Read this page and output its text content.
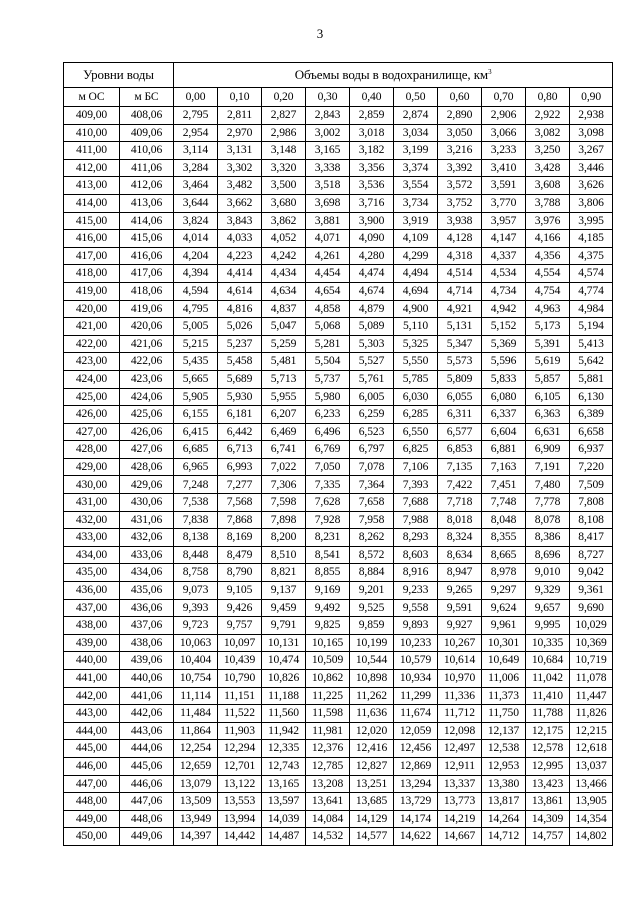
3
Уровни воды		Объемы воды в водохранилище, $км^3$
м ОС	м БС	0,00	0,10	0,20	0,30	0,40	0,50	0,60	0,70	0,80	0,90
409,00	408,06	2,795	2,811	2,827	2,843	2,859	2,874	2,890	2,906	2,922	2,938
410,00	409,06	2,954	2,970	2,986	3,002	3,018	3,034	3,050	3,066	3,082	3,098
411,00	410,06	3,114	3,131	3,148	3,165	3,182	3,199	3,216	3,233	3,250	3,267
412,00	411,06	3,284	3,302	3,320	3,338	3,356	3,374	3,392	3,410	3,428	3,446
413,00	412,06	3,464	3,482	3,500	3,518	3,536	3,554	3,572	3,591	3,608	3,626
414,00	413,06	3,644	3,662	3,680	3,698	3,716	3,734	3,752	3,770	3,788	3,806
415,00	414,06	3,824	3,843	3,862	3,881	3,900	3,919	3,938	3,957	3,976	3,995
416,00	415,06	4,014	4,033	4,052	4,071	4,090	4,109	4,128	4,147	4,166	4,185
417,00	416,06	4,204	4,223	4,242	4,261	4,280	4,299	4,318	4,337	4,356	4,375
418,00	417,06	4,394	4,414	4,434	4,454	4,474	4,494	4,514	4,534	4,554	4,574
419,00	418,06	4,594	4,614	4,634	4,654	4,674	4,694	4,714	4,734	4,754	4,774
420,00	419,06	4,795	4,816	4,837	4,858	4,879	4,900	4,921	4,942	4,963	4,984
421,00	420,06	5,005	5,026	5,047	5,068	5,089	5,110	5,131	5,152	5,173	5,194
422,00	421,06	5,215	5,237	5,259	5,281	5,303	5,325	5,347	5,369	5,391	5,413
423,00	422,06	5,435	5,458	5,481	5,504	5,527	5,550	5,573	5,596	5,619	5,642
424,00	423,06	5,665	5,689	5,713	5,737	5,761	5,785	5,809	5,833	5,857	5,881
425,00	424,06	5,905	5,930	5,955	5,980	6,005	6,030	6,055	6,080	6,105	6,130
426,00	425,06	6,155	6,181	6,207	6,233	6,259	6,285	6,311	6,337	6,363	6,389
427,00	426,06	6,415	6,442	6,469	6,496	6,523	6,550	6,577	6,604	6,631	6,658
428,00	427,06	6,685	6,713	6,741	6,769	6,797	6,825	6,853	6,881	6,909	6,937
429,00	428,06	6,965	6,993	7,022	7,050	7,078	7,106	7,135	7,163	7,191	7,220
430,00	429,06	7,248	7,277	7,306	7,335	7,364	7,393	7,422	7,451	7,480	7,509
431,00	430,06	7,538	7,568	7,598	7,628	7,658	7,688	7,718	7,748	7,778	7,808
432,00	431,06	7,838	7,868	7,898	7,928	7,958	7,988	8,018	8,048	8,078	8,108
433,00	432,06	8,138	8,169	8,200	8,231	8,262	8,293	8,324	8,355	8,386	8,417
434,00	433,06	8,448	8,479	8,510	8,541	8,572	8,603	8,634	8,665	8,696	8,727
435,00	434,06	8,758	8,790	8,821	8,855	8,884	8,916	8,947	8,978	9,010	9,042
436,00	435,06	9,073	9,105	9,137	9,169	9,201	9,233	9,265	9,297	9,329	9,361
437,00	436,06	9,393	9,426	9,459	9,492	9,525	9,558	9,591	9,624	9,657	9,690
438,00	437,06	9,723	9,757	9,791	9,825	9,859	9,893	9,927	9,961	9,995	10,029
439,00	438,06	10,063	10,097	10,131	10,165	10,199	10,233	10,267	10,301	10,335	10,369
440,00	439,06	10,404	10,439	10,474	10,509	10,544	10,579	10,614	10,649	10,684	10,719
441,00	440,06	10,754	10,790	10,826	10,862	10,898	10,934	10,970	11,006	11,042	11,078
442,00	441,06	11,114	11,151	11,188	11,225	11,262	11,299	11,336	11,373	11,410	11,447
443,00	442,06	11,484	11,522	11,560	11,598	11,636	11,674	11,712	11,750	11,788	11,826
444,00	443,06	11,864	11,903	11,942	11,981	12,020	12,059	12,098	12,137	12,175	12,215
445,00	444,06	12,254	12,294	12,335	12,376	12,416	12,456	12,497	12,538	12,578	12,618
446,00	445,06	12,659	12,701	12,743	12,785	12,827	12,869	12,911	12,953	12,995	13,037
447,00	446,06	13,079	13,122	13,165	13,208	13,251	13,294	13,337	13,380	13,423	13,466
448,00	447,06	13,509	13,553	13,597	13,641	13,685	13,729	13,773	13,817	13,861	13,905
449,00	448,06	13,949	13,994	14,039	14,084	14,129	14,174	14,219	14,264	14,309	14,354
450,00	449,06	14,397	14,442	14,487	14,532	14,577	14,622	14,667	14,712	14,757	14,802
